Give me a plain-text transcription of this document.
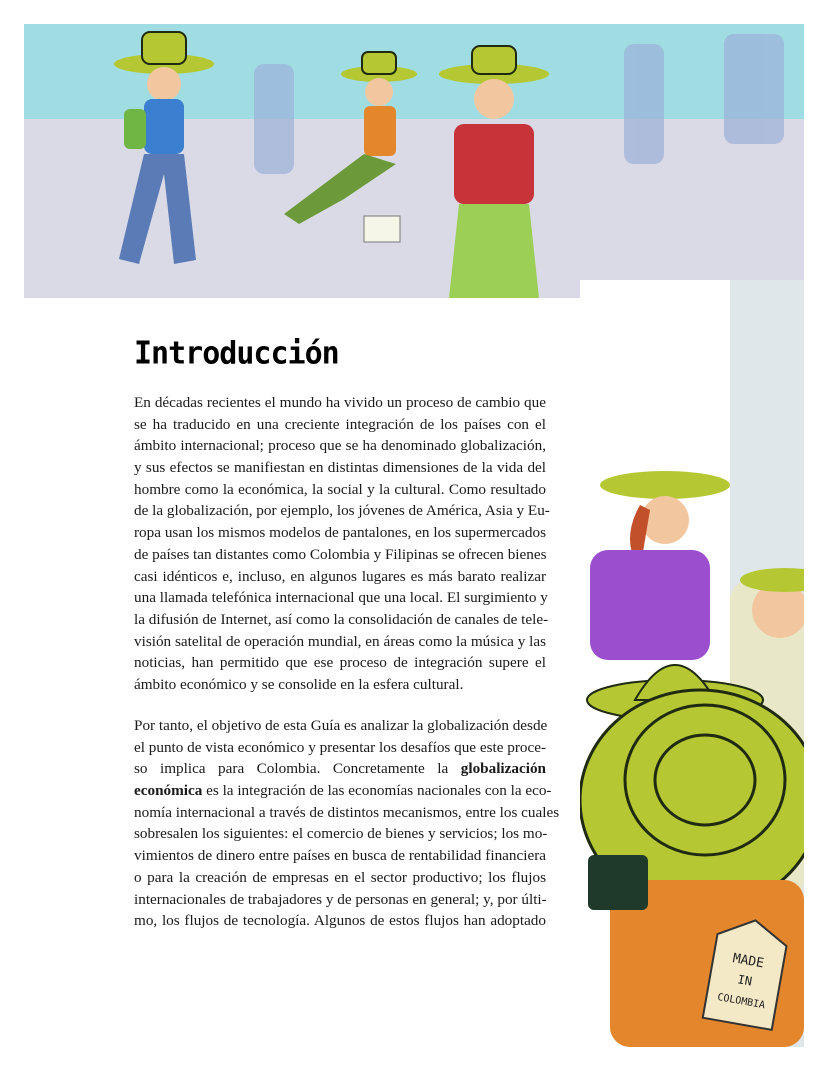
MADE
IN
COLOMBIA
Introducción
En décadas recientes el mundo ha vivido un proceso de cambio que
se ha traducido en una creciente integración de los países con el
ámbito internacional; proceso que se ha denominado globalización,
y sus efectos se manifiestan en distintas dimensiones de la vida del
hombre como la económica, la social y la cultural. Como resultado
de la globalización, por ejemplo, los jóvenes de América, Asia y Eu-
ropa usan los mismos modelos de pantalones, en los supermercados
de países tan distantes como Colombia y Filipinas se ofrecen bienes
casi idénticos e, incluso, en algunos lugares es más barato realizar
una llamada telefónica internacional que una local. El surgimiento y
la difusión de Internet, así como la consolidación de canales de tele-
visión satelital de operación mundial, en áreas como la música y las
noticias, han permitido que ese proceso de integración supere el
ámbito económico y se consolide en la esfera cultural.
Por tanto, el objetivo de esta Guía es analizar la globalización desde
el punto de vista económico y presentar los desafíos que este proce-
so implica para Colombia. Concretamente la globalización
económica es la integración de las economías nacionales con la eco-
nomía internacional a través de distintos mecanismos, entre los cuales
sobresalen los siguientes: el comercio de bienes y servicios; los mo-
vimientos de dinero entre países en busca de rentabilidad financiera
o para la creación de empresas en el sector productivo; los flujos
internacionales de trabajadores y de personas en general; y, por últi-
mo, los flujos de tecnología. Algunos de estos flujos han adoptado
